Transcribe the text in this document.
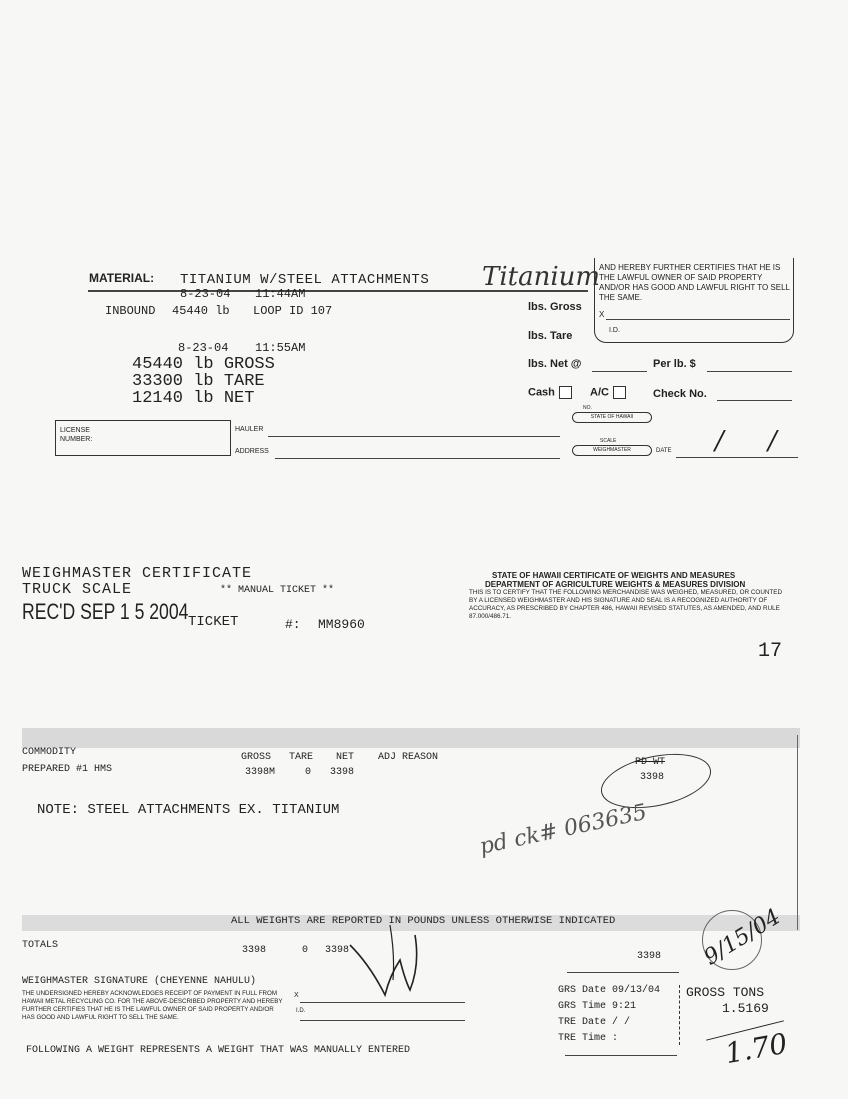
MATERIAL: TITANIUM W/STEEL ATTACHMENTS Titanium
8-23-04 11:44AM
INBOUND 45440 lb LOOP ID 107
8-23-04 11:55AM
45440 lb GROSS
33300 lb TARE
12140 lb NET
AND HEREBY FURTHER CERTIFIES THAT HE IS THE LAWFUL OWNER OF SAID PROPERTY AND/OR HAS GOOD AND LAWFUL RIGHT TO SELL THE SAME.
X
I.D.
lbs. Gross
lbs. Tare
lbs. Net @	Per lb. $
Cash	A/C	Check No.
LICENSE NUMBER:
HAULER
ADDRESS
NO.
STATE OF HAWAII
SCALE
WEIGHMASTER	DATE / /
WEIGHMASTER CERTIFICATE
TRUCK SCALE	** MANUAL TICKET **
REC'D SEP 1 5 2004 TICKET	#: MM8960
STATE OF HAWAII CERTIFICATE OF WEIGHTS AND MEASURES
DEPARTMENT OF AGRICULTURE WEIGHTS & MEASURES DIVISION
THIS IS TO CERTIFY THAT THE FOLLOWING MERCHANDISE WAS WEIGHED, MEASURED, OR COUNTED BY A LICENSED WEIGHMASTER AND HIS SIGNATURE AND SEAL IS A RECOGNIZED AUTHORITY OF ACCURACY, AS PRESCRIBED BY CHAPTER 486, HAWAII REVISED STATUTES, AS AMENDED, AND RULE 87.000/486.71.
17
COMMODITY
PREPARED #1 HMS
GROSS TARE NET ADJ REASON
3398M	0 3398
PD WT
3398
NOTE: STEEL ATTACHMENTS EX. TITANIUM	pd ck# 063635
ALL WEIGHTS ARE REPORTED IN POUNDS UNLESS OTHERWISE INDICATED
TOTALS	3398	0 3398
3398
WEIGHMASTER SIGNATURE (CHEYENNE NAHULU)
THE UNDERSIGNED HEREBY ACKNOWLEDGES RECEIPT OF PAYMENT IN FULL FROM HAWAII METAL RECYCLING CO. FOR THE ABOVE-DESCRIBED PROPERTY AND HEREBY FURTHER CERTIFIES THAT HE IS THE LAWFUL OWNER OF SAID PROPERTY AND/OR HAS GOOD AND LAWFUL RIGHT TO SELL THE SAME.
X
I.D.
GRS Date 09/13/04
GRS Time 9:21
TRE Date / /
TRE Time :
GROSS TONS
1.5169
1.70
9/15/04
FOLLOWING A WEIGHT REPRESENTS A WEIGHT THAT WAS MANUALLY ENTERED
